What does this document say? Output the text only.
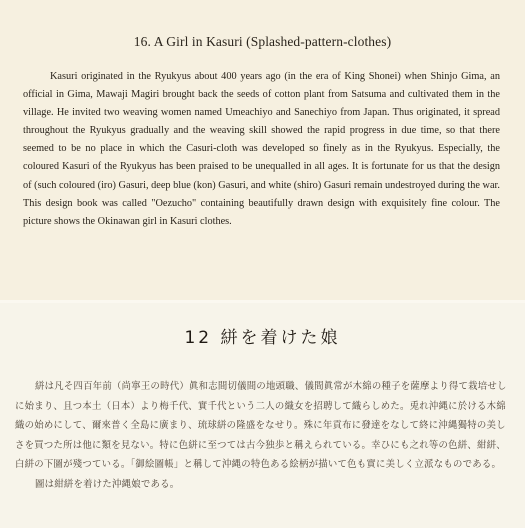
16. A Girl in Kasuri (Splashed-pattern-clothes)

Kasuri originated in the Ryukyus about 400 years ago (in the era of King Shonei) when Shinjo Gima, an official in Gima, Mawaji Magiri brought back the seeds of cotton plant from Satsuma and cultivated them in the village. He invited two weaving women named Umeachiyo and Sanechiyo from Japan. Thus originated, it spread throughout the Ryukyus gradually and the weaving skill showed the rapid progress in due time, so that there seemed to be no place in which the Casuri-cloth was developed so finely as in the Ryukyus. Especially, the coloured Kasuri of the Ryukyus has been praised to be unequalled in all ages. It is fortunate for us that the design of (such coloured (iro) Gasuri, deep blue (kon) Gasuri, and white (shiro) Gasuri remain undestroyed during the war. This design book was called "Oezucho" containing beautifully drawn design with exquisitely fine colour. The picture shows the Okinawan girl in Kasuri clothes.

12 絣を着けた娘

絣は凡そ四百年前（尚寧王の時代）眞和志間切儀間の地頭職、儀間眞常が木綿の種子を薩摩より得て栽培せしに始まり、且つ本土（日本）より梅千代、實千代という二人の織女を招聘して織らしめた。兎れ沖縄に於ける木綿織の始めにして、爾來普く全島に廣まり、琉球絣の隆盛をなせり。殊に年貢布に發達をなして終に沖縄獨特の美しさを買つた所は他に類を見ない。特に色絣に至つては古今独歩と稱えられている。幸ひにも之れ等の色絣、紺絣、白絣の下圖が殘つている。「御絵圖帳」と稱して沖縄の特色ある絵柄が描いて色も實に美しく立派なものである。

圖は紺絣を着けた沖縄娘である。
